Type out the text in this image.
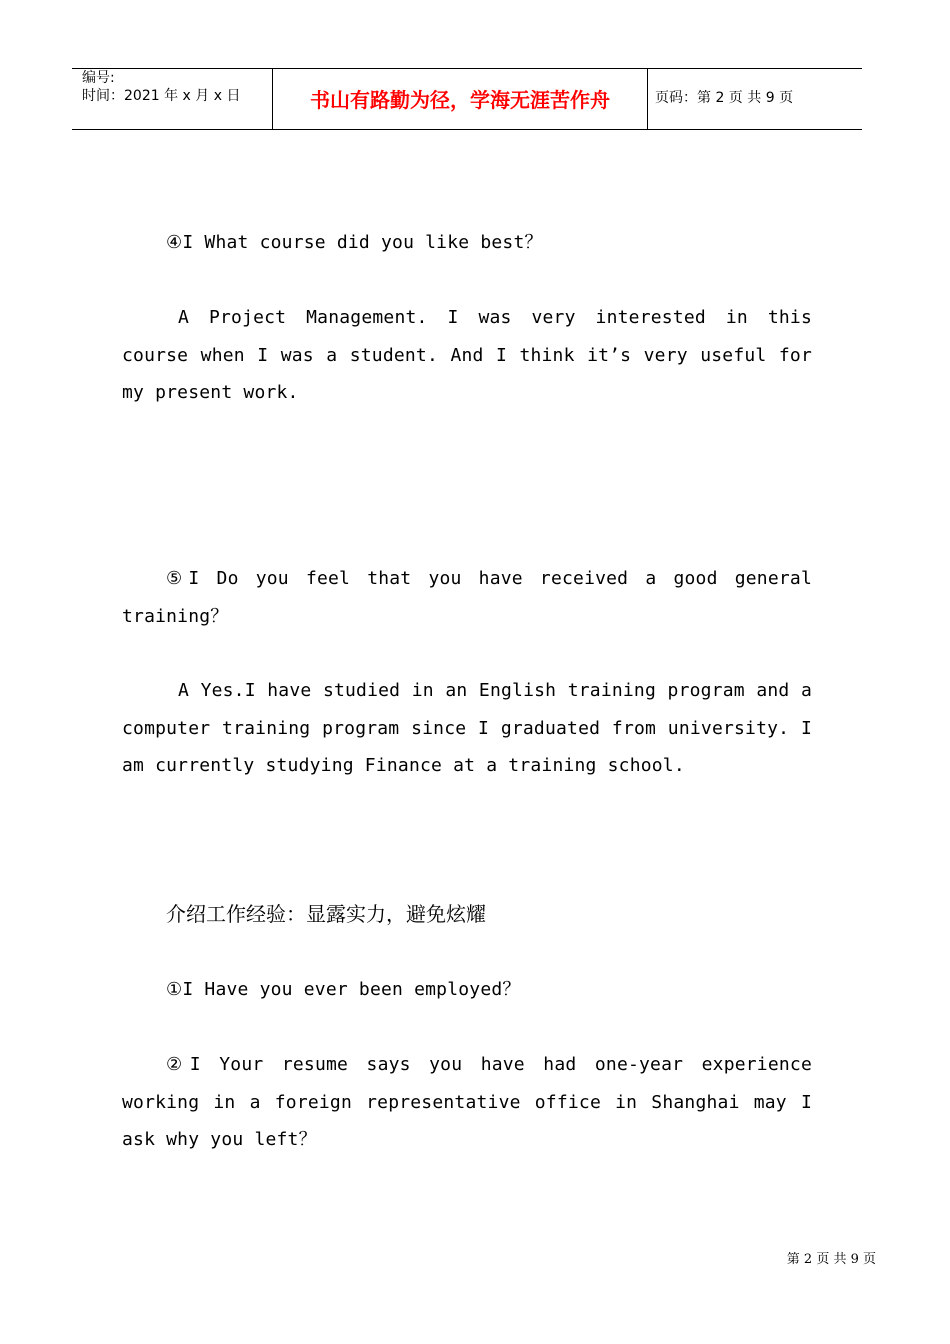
编号:
时间：2021 年 x 月 x 日	书山有路勤为径，学海无涯苦作舟	页码：第 2 页 共 9 页

④I What course did you like best？

A Project Management. I was very interested in this course when I was a student. And I think it’s very useful for my present work.

⑤I Do you feel that you have received a good general training？

A Yes.I have studied in an English training program and a computer training program since I graduated from university. I am currently studying Finance at a training school.

介绍工作经验：显露实力，避免炫耀

①I Have you ever been employed？

②I Your resume says you have had one-year experience working in a foreign representative office in Shanghai may I ask why you left？

第 2 页 共 9 页
